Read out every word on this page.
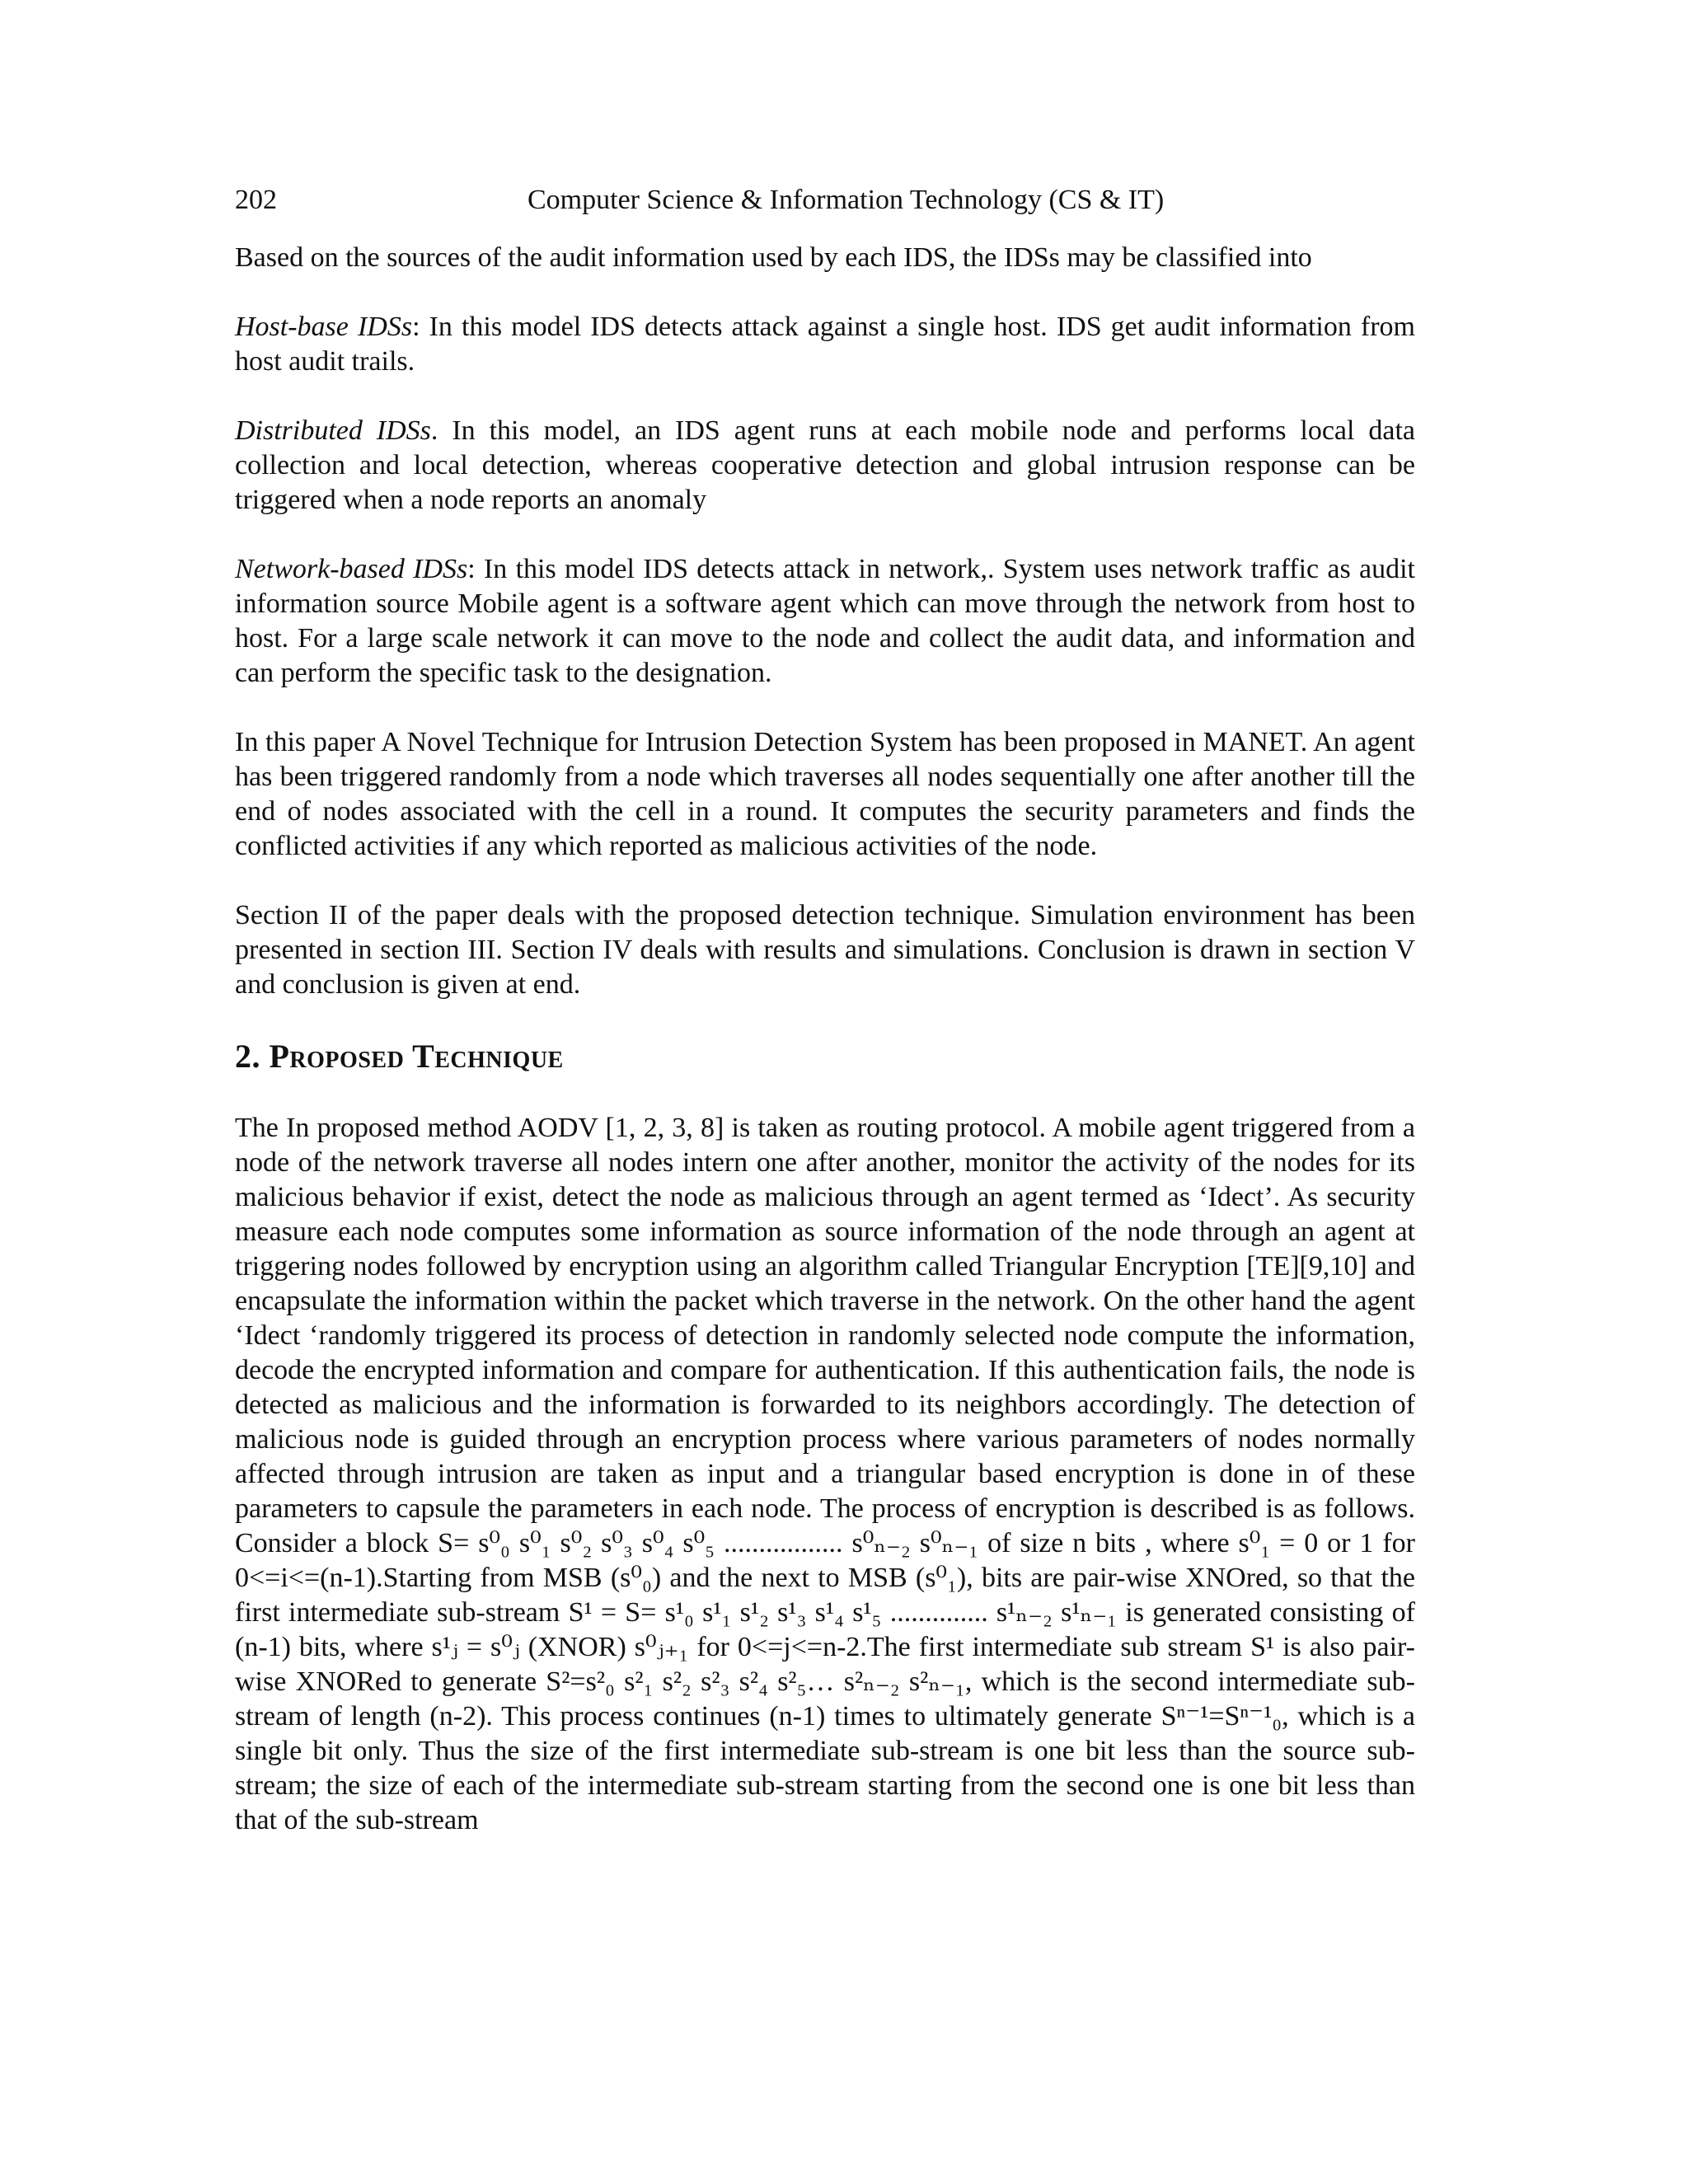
202	Computer Science & Information Technology (CS & IT)

Based on the sources of the audit information used by each IDS, the IDSs may be classified into

Host-base IDSs: In this model IDS detects attack against a single host. IDS get audit information from host audit trails.

Distributed IDSs. In this model, an IDS agent runs at each mobile node and performs local data collection and local detection, whereas cooperative detection and global intrusion response can be triggered when a node reports an anomaly

Network-based IDSs: In this model IDS detects attack in network,. System uses network traffic as audit information source Mobile agent is a software agent which can move through the network from host to host. For a large scale network it can move to the node and collect the audit data, and information and can perform the specific task to the designation.

In this paper A Novel Technique for Intrusion Detection System has been proposed in MANET. An agent has been triggered randomly from a node which traverses all nodes sequentially one after another till the end of nodes associated with the cell in a round. It computes the security parameters and finds the conflicted activities if any which reported as malicious activities of the node.

Section II of the paper deals with the proposed detection technique. Simulation environment has been presented in section III. Section IV deals with results and simulations. Conclusion is drawn in section V and conclusion is given at end.

2. Proposed Technique

The In proposed method AODV [1, 2, 3, 8] is taken as routing protocol. A mobile agent triggered from a node of the network traverse all nodes intern one after another, monitor the activity of the nodes for its malicious behavior if exist, detect the node as malicious through an agent termed as ‘Idect’. As security measure each node computes some information as source information of the node through an agent at triggering nodes followed by encryption using an algorithm called Triangular Encryption [TE][9,10] and encapsulate the information within the packet which traverse in the network. On the other hand the agent ‘Idect ‘randomly triggered its process of detection in randomly selected node compute the information, decode the encrypted information and compare for authentication. If this authentication fails, the node is detected as malicious and the information is forwarded to its neighbors accordingly. The detection of malicious node is guided through an encryption process where various parameters of nodes normally affected through intrusion are taken as input and a triangular based encryption is done in of these parameters to capsule the parameters in each node. The process of encryption is described is as follows. Consider a block S= s⁰₀ s⁰₁ s⁰₂ s⁰₃ s⁰₄ s⁰₅ ................. s⁰ₙ₋₂ s⁰ₙ₋₁ of size n bits , where s⁰₁ = 0 or 1 for 0<=i<=(n-1).Starting from MSB (s⁰₀) and the next to MSB (s⁰₁), bits are pair-wise XNOred, so that the first intermediate sub-stream S¹ = S= s¹₀ s¹₁ s¹₂ s¹₃ s¹₄ s¹₅ .............. s¹ₙ₋₂ s¹ₙ₋₁ is generated consisting of (n-1) bits, where s¹ⱼ = s⁰ⱼ (XNOR) s⁰ⱼ₊₁ for 0<=j<=n-2.The first intermediate sub stream S¹ is also pair-wise XNORed to generate S²=s²₀ s²₁ s²₂ s²₃ s²₄ s²₅… s²ₙ₋₂ s²ₙ₋₁, which is the second intermediate sub-stream of length (n-2). This process continues (n-1) times to ultimately generate Sⁿ⁻¹=Sⁿ⁻¹₀, which is a single bit only. Thus the size of the first intermediate sub-stream is one bit less than the source sub-stream; the size of each of the intermediate sub-stream starting from the second one is one bit less than that of the sub-stream
